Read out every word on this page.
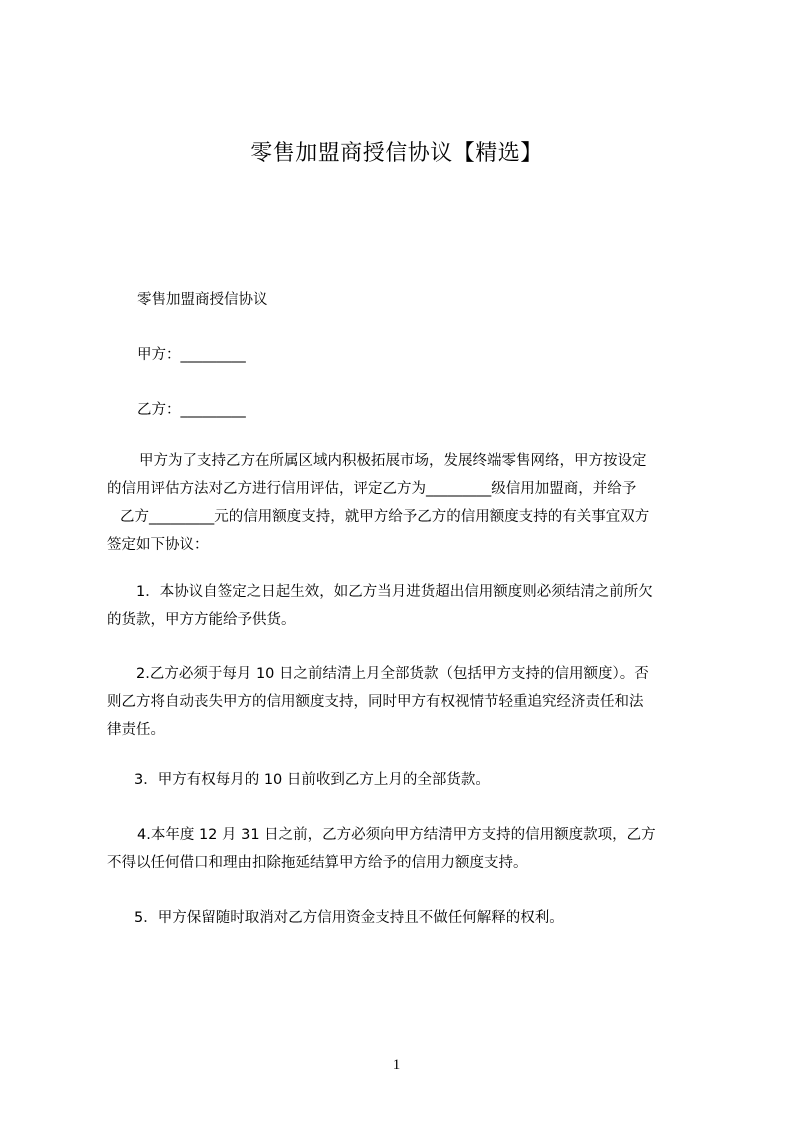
零售加盟商授信协议【精选】
零售加盟商授信协议
甲方：_________
乙方：_________
甲方为了支持乙方在所属区域内积极拓展市场，发展终端零售网络，甲方按设定
的信用评估方法对乙方进行信用评估，评定乙方为_________级信用加盟商，并给予
乙方_________元的信用额度支持，就甲方给予乙方的信用额度支持的有关事宜双方
签定如下协议：
1．本协议自签定之日起生效，如乙方当月进货超出信用额度则必须结清之前所欠
的货款，甲方方能给予供货。
2.乙方必须于每月 10 日之前结清上月全部货款（包括甲方支持的信用额度）。否
则乙方将自动丧失甲方的信用额度支持，同时甲方有权视情节轻重追究经济责任和法
律责任。
3．甲方有权每月的 10 日前收到乙方上月的全部货款。
4.本年度 12 月 31 日之前，乙方必须向甲方结清甲方支持的信用额度款项，乙方
不得以任何借口和理由扣除拖延结算甲方给予的信用力额度支持。
5．甲方保留随时取消对乙方信用资金支持且不做任何解释的权利。
1
